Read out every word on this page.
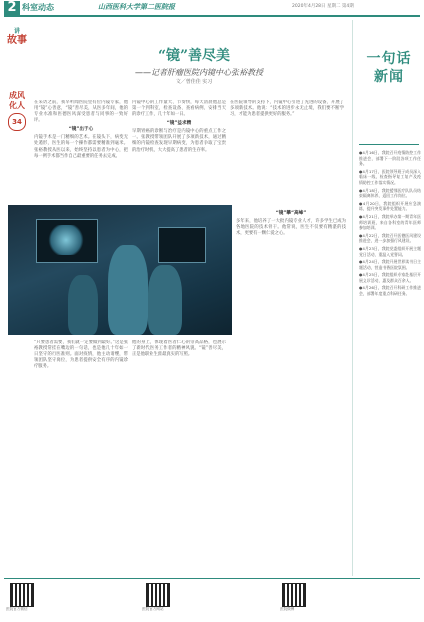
2 科室动态	山西医科大学第二医院报	2020年4月28日 星期二 第4期
讲
故事
成风化人
34
“镜”善尽美
——记者肝瘤医院内镜中心张裕教授
文／曾佳佳 实习

在采访之前，我早听闻医院里有位内镜专家，他用“镜”心善意，“镜”善尽美，从医多年间，他的专业水准和医德医风深受患者与同事的一致好评。

“镜”出于心

内镜手术是一门精细的艺术。在镜头下，病变无处遁形，医生的每一个操作都需要精准到毫米。张裕教授从医以来，始终坚持以患者为中心，把每一例手术都当作自己最重要的任务去完成。

内镜中心的工作量大、节奏快，每天清晨他总是第一个到科室，检查设备、查看病例、安排当天的诊疗工作，几十年如一日。

“镜”益求精

早期胃癌的诊断与治疗是内镜中心的重点工作之一。张教授带领团队开展了多项新技术，通过精细的内镜检查发现早期病变，为患者争取了宝贵的治疗时机，大大提高了患者的生存率。

在医院领导的支持下，内镜中心引进了先进的设备，开展了多项新技术。他说：“技术的进步永无止境，我们要不断学习，才能为患者提供更好的服务。”

“镜”攀“高峰”

多年来，他培养了一大批内镜专业人才，许多学生已成为各地医院的技术骨干。他常说，医生不仅要有精湛的技术，更要有一颗仁爱之心。

“只要患者需要，我们就一定要做到最好。”这是张裕教授常挂在嘴边的一句话，也是他几十年如一日坚守的行医准则。面对疫情，他主动请缨，带领团队坚守岗位，为患者提供安全有序的内镜诊疗服务。

他的身上，体现着医者仁心的崇高品格，也展示了新时代医务工作者的精神风貌。“镜”善尽美，正是他职业生涯最真实的写照。

一句话新闻

●4月16日，我院召开疫情防控工作推进会，部署下一阶段各项工作任务。

●4月17日，医院领导班子成员深入临床一线，检查指导复工复产及疫情防控工作落实情况。

●4月18日，我院援鄂医疗队队员结束隔离休养，返回工作岗位。

●4月20日，我院组织开展应急演练，提升突发事件处置能力。

●4月21日，我院举办第一期青年医师培训班，来自各科室的青年医师参加培训。

●4月22日，我院召开医德医风建设推进会，进一步加强行风建设。

●4月23日，我院党委组织开展主题党日活动，重温入党誓词。

●4月24日，我院开展世界读书日主题活动，营造书香医院氛围。

●4月25日，我院组织专家赴基层开展义诊活动，惠及群众百余人。

●4月26日，我院召开科研工作推进会，部署年度重点科研任务。

医院官方微信	医院官方网站	医院微博
